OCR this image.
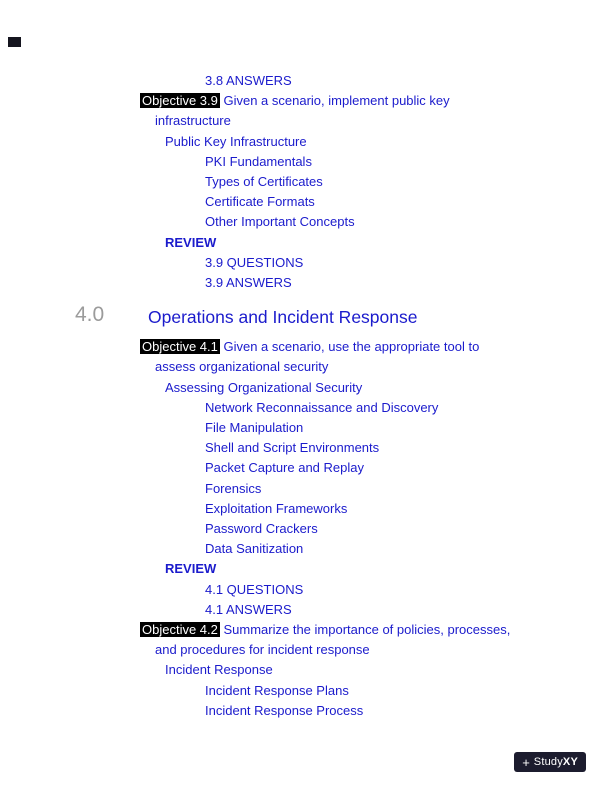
3.8 ANSWERS

Objective 3.9 Given a scenario, implement public key infrastructure

Public Key Infrastructure
PKI Fundamentals
Types of Certificates
Certificate Formats
Other Important Concepts
REVIEW
3.9 QUESTIONS
3.9 ANSWERS
4.0	Operations and Incident Response

Objective 4.1 Given a scenario, use the appropriate tool to assess organizational security

Assessing Organizational Security
Network Reconnaissance and Discovery
File Manipulation
Shell and Script Environments
Packet Capture and Replay
Forensics
Exploitation Frameworks
Password Crackers
Data Sanitization
REVIEW
4.1 QUESTIONS
4.1 ANSWERS

Objective 4.2 Summarize the importance of policies, processes, and procedures for incident response

Incident Response
Incident Response Plans
Incident Response Process
+ Study XY
